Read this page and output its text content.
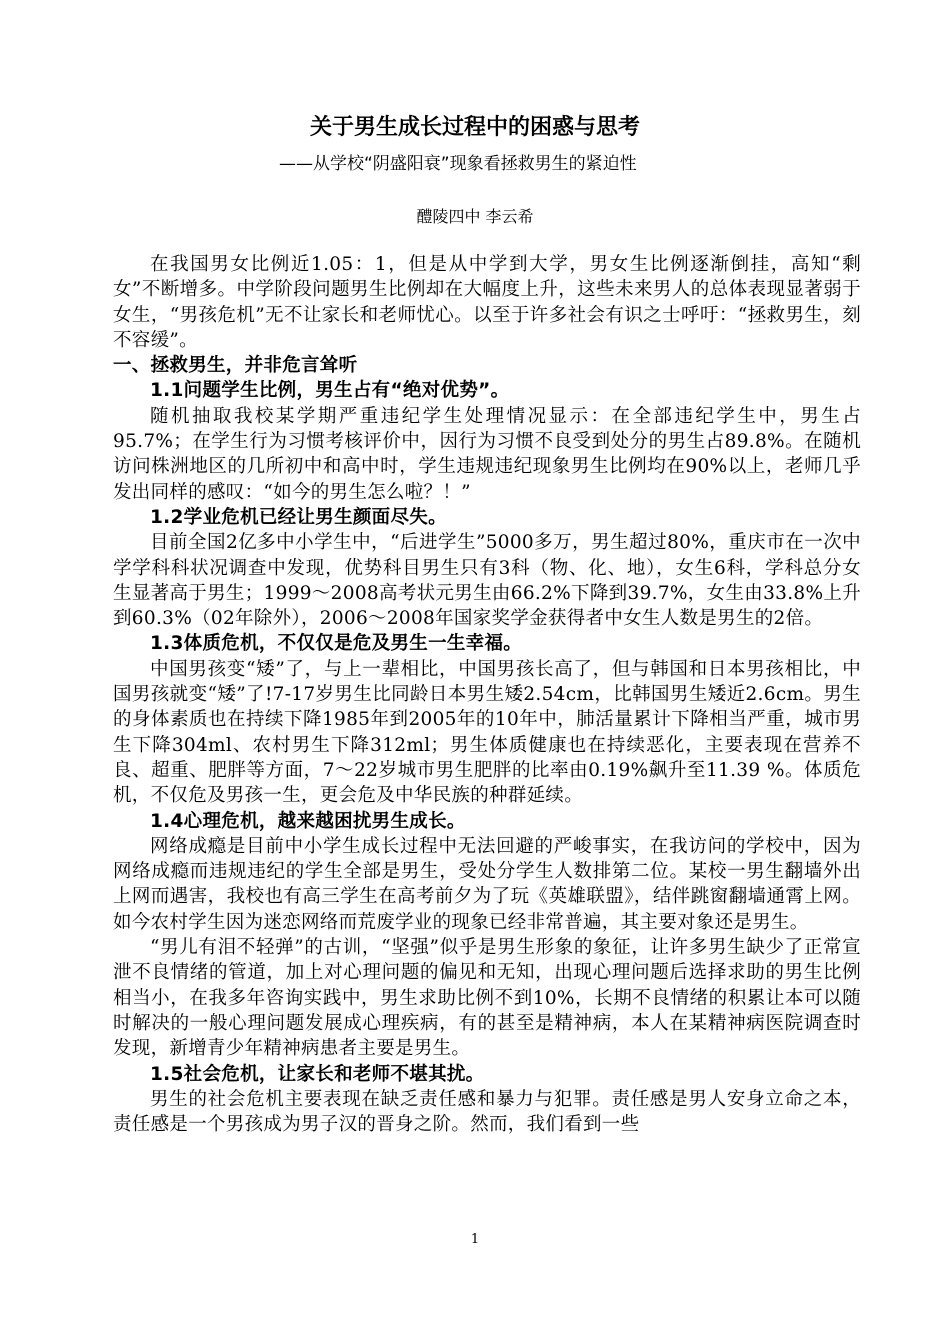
关于男生成长过程中的困惑与思考
——从学校“阴盛阳衰”现象看拯救男生的紧迫性
醴陵四中 李云希

在我国男女比例近1.05：1，但是从中学到大学，男女生比例逐渐倒挂，高知“剩女”不断增多。中学阶段问题男生比例却在大幅度上升，这些未来男人的总体表现显著弱于女生，“男孩危机”无不让家长和老师忧心。以至于许多社会有识之士呼吁：“拯救男生，刻不容缓”。

一、拯救男生，并非危言耸听

1.1问题学生比例，男生占有“绝对优势”。

随机抽取我校某学期严重违纪学生处理情况显示：在全部违纪学生中，男生占95.7%；在学生行为习惯考核评价中，因行为习惯不良受到处分的男生占89.8%。在随机访问株洲地区的几所初中和高中时，学生违规违纪现象男生比例均在90%以上，老师几乎发出同样的感叹：“如今的男生怎么啦？！”

1.2学业危机已经让男生颜面尽失。

目前全国2亿多中小学生中，“后进学生”5000多万，男生超过80%，重庆市在一次中学学科科状况调查中发现，优势科目男生只有3科（物、化、地），女生6科，学科总分女生显著高于男生；1999～2008高考状元男生由66.2%下降到39.7%，女生由33.8%上升到60.3%（02年除外），2006～2008年国家奖学金获得者中女生人数是男生的2倍。

1.3体质危机，不仅仅是危及男生一生幸福。

中国男孩变“矮”了，与上一辈相比，中国男孩长高了，但与韩国和日本男孩相比，中国男孩就变“矮”了!7-17岁男生比同龄日本男生矮2.54cm，比韩国男生矮近2.6cm。男生的身体素质也在持续下降1985年到2005年的10年中，肺活量累计下降相当严重，城市男生下降304ml、农村男生下降312ml；男生体质健康也在持续恶化，主要表现在营养不良、超重、肥胖等方面，7～22岁城市男生肥胖的比率由0.19%飙升至11.39 %。体质危机，不仅危及男孩一生，更会危及中华民族的种群延续。

1.4心理危机，越来越困扰男生成长。

网络成瘾是目前中小学生成长过程中无法回避的严峻事实，在我访问的学校中，因为网络成瘾而违规违纪的学生全部是男生，受处分学生人数排第二位。某校一男生翻墙外出上网而遇害，我校也有高三学生在高考前夕为了玩《英雄联盟》，结伴跳窗翻墙通霄上网。如今农村学生因为迷恋网络而荒废学业的现象已经非常普遍，其主要对象还是男生。

“男儿有泪不轻弹”的古训，“坚强”似乎是男生形象的象征，让许多男生缺少了正常宣泄不良情绪的管道，加上对心理问题的偏见和无知，出现心理问题后选择求助的男生比例相当小，在我多年咨询实践中，男生求助比例不到10%，长期不良情绪的积累让本可以随时解决的一般心理问题发展成心理疾病，有的甚至是精神病，本人在某精神病医院调查时发现，新增青少年精神病患者主要是男生。

1.5社会危机，让家长和老师不堪其扰。

男生的社会危机主要表现在缺乏责任感和暴力与犯罪。责任感是男人安身立命之本，责任感是一个男孩成为男子汉的晋身之阶。然而，我们看到一些

1
